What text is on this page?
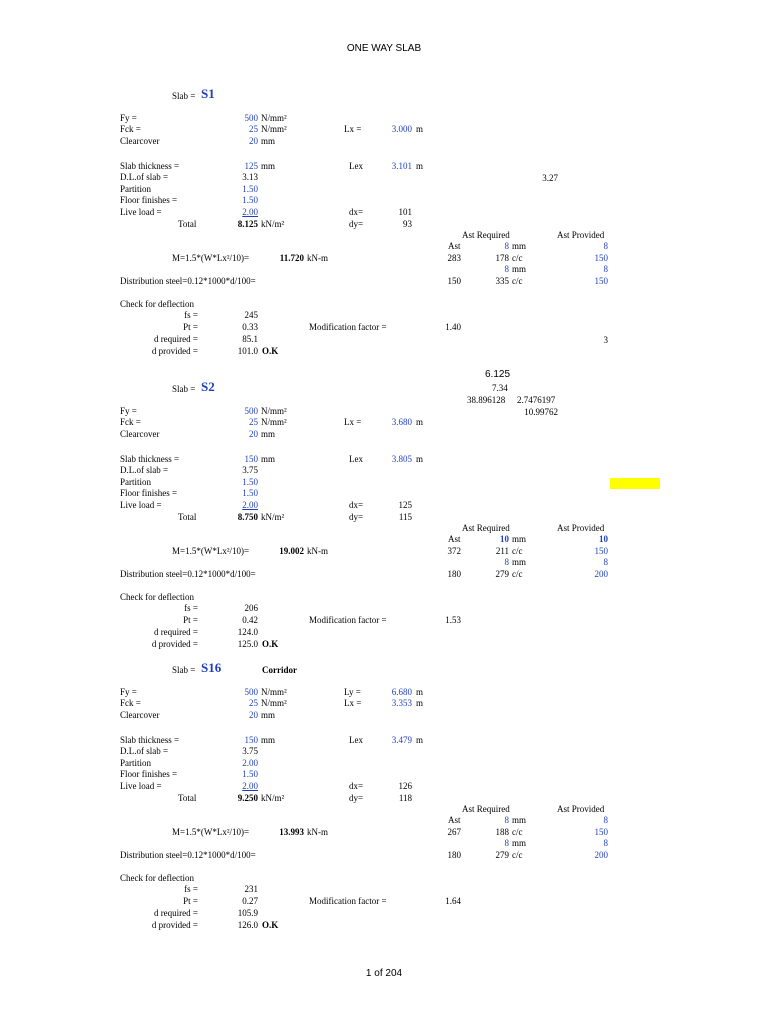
ONE WAY SLAB
3.27
3
6.125
7.34
38.896128 2.7476197
10.99762
Slab = S1
Fy =	500 N/mm²
Fck =	25 N/mm²	Lx =	3.000 m
Clearcover	20 mm
Slab thickness =	125 mm	Lex	3.101 m
D.L.of slab =	3.13
Partition	1.50
Floor finishes =	1.50
Live load =	2.00	dx=	101
Total	8.125 kN/m²	dy=	93
Ast Required	Ast Provided
Ast	8 mm	8
M=1.5*(W*Lx²/10)=	11.720 kN-m	283	178 c/c	150
8 mm	8
Distribution steel=0.12*1000*d/100=	150	335 c/c	150
Check for deflection
fs =	245
Pt =	0.33	Modification factor =	1.40
d required =	85.1
d provided =	101.0 O.K
Slab = S2
Fy =	500 N/mm²
Fck =	25 N/mm²	Lx =	3.680 m
Clearcover	20 mm
Slab thickness =	150 mm	Lex	3.805 m
D.L.of slab =	3.75
Partition	1.50
Floor finishes =	1.50
Live load =	2.00	dx=	125
Total	8.750 kN/m²	dy=	115
Ast Required	Ast Provided
Ast	10 mm	10
M=1.5*(W*Lx²/10)=	19.002 kN-m	372	211 c/c	150
8 mm	8
Distribution steel=0.12*1000*d/100=	180	279 c/c	200
Check for deflection
fs =	206
Pt =	0.42	Modification factor =	1.53
d required =	124.0
d provided =	125.0 O.K
Slab = S16	Corridor
Fy =	500 N/mm²	Ly =	6.680 m
Fck =	25 N/mm²	Lx =	3.353 m
Clearcover	20 mm
Slab thickness =	150 mm	Lex	3.479 m
D.L.of slab =	3.75
Partition	2.00
Floor finishes =	1.50
Live load =	2.00	dx=	126
Total	9.250 kN/m²	dy=	118
Ast Required	Ast Provided
Ast	8 mm	8
M=1.5*(W*Lx²/10)=	13.993 kN-m	267	188 c/c	150
8 mm	8
Distribution steel=0.12*1000*d/100=	180	279 c/c	200
Check for deflection
fs =	231
Pt =	0.27	Modification factor =	1.64
d required =	105.9
d provided =	126.0 O.K
1 of 204
